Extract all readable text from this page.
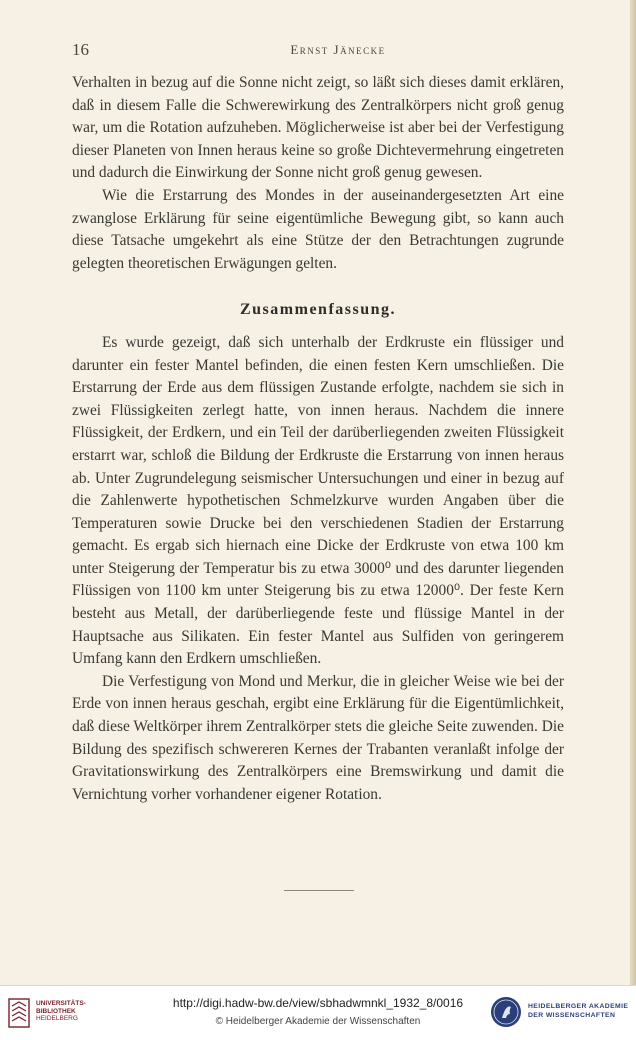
16	Ernst Jänecke

Verhalten in bezug auf die Sonne nicht zeigt, so läßt sich dieses damit erklären, daß in diesem Falle die Schwerewirkung des Zentralkörpers nicht groß genug war, um die Rotation aufzuheben. Möglicherweise ist aber bei der Verfestigung dieser Planeten von Innen heraus keine so große Dichtevermehrung eingetreten und dadurch die Einwirkung der Sonne nicht groß genug gewesen.

Wie die Erstarrung des Mondes in der auseinandergesetzten Art eine zwanglose Erklärung für seine eigentümliche Bewegung gibt, so kann auch diese Tatsache umgekehrt als eine Stütze der den Betrachtungen zugrunde gelegten theoretischen Erwägungen gelten.

Zusammenfassung.

Es wurde gezeigt, daß sich unterhalb der Erdkruste ein flüssiger und darunter ein fester Mantel befinden, die einen festen Kern umschließen. Die Erstarrung der Erde aus dem flüssigen Zustande erfolgte, nachdem sie sich in zwei Flüssigkeiten zerlegt hatte, von innen heraus. Nachdem die innere Flüssigkeit, der Erdkern, und ein Teil der darüberliegenden zweiten Flüssigkeit erstarrt war, schloß die Bildung der Erdkruste die Erstarrung von innen heraus ab. Unter Zugrundelegung seismischer Untersuchungen und einer in bezug auf die Zahlenwerte hypothetischen Schmelzkurve wurden Angaben über die Temperaturen sowie Drucke bei den verschiedenen Stadien der Erstarrung gemacht. Es ergab sich hiernach eine Dicke der Erdkruste von etwa 100 km unter Steigerung der Temperatur bis zu etwa 3000⁰ und des darunter liegenden Flüssigen von 1100 km unter Steigerung bis zu etwa 12000⁰. Der feste Kern besteht aus Metall, der darüberliegende feste und flüssige Mantel in der Hauptsache aus Silikaten. Ein fester Mantel aus Sulfiden von geringerem Umfang kann den Erdkern umschließen.

Die Verfestigung von Mond und Merkur, die in gleicher Weise wie bei der Erde von innen heraus geschah, ergibt eine Erklärung für die Eigentümlichkeit, daß diese Weltkörper ihrem Zentralkörper stets die gleiche Seite zuwenden. Die Bildung des spezifisch schwereren Kernes der Trabanten veranlaßt infolge der Gravitationswirkung des Zentralkörpers eine Bremswirkung und damit die Vernichtung vorher vorhandener eigener Rotation.

UNIVERSITÄTS-
BIBLIOTHEK
HEIDELBERG
http://digi.hadw-bw.de/view/sbhadwmnkl_1932_8/0016
© Heidelberger Akademie der Wissenschaften
HEIDELBERGER AKADEMIE
DER WISSENSCHAFTEN
